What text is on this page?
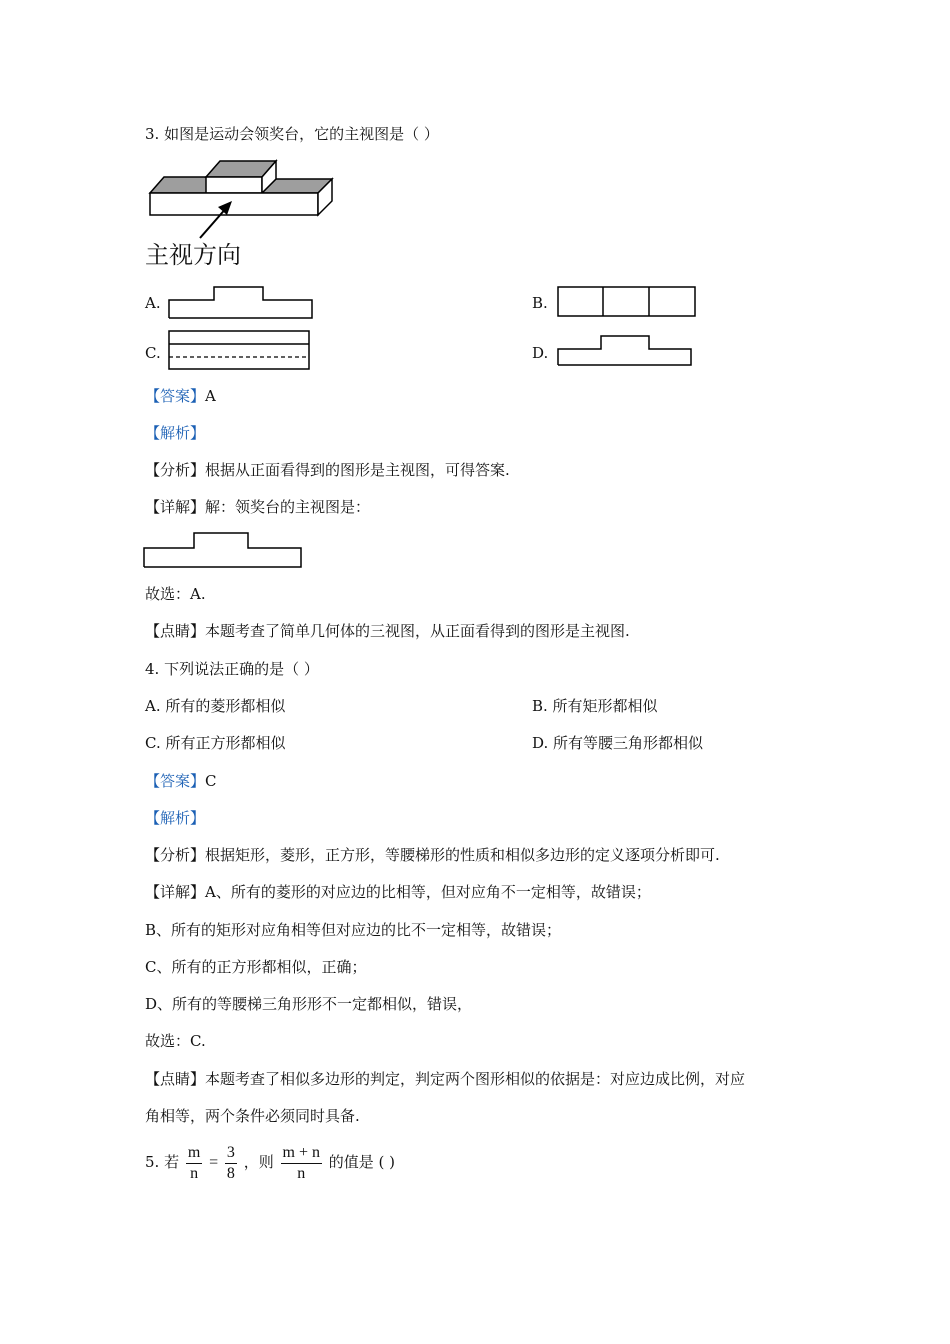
3. 如图是运动会领奖台，它的主视图是（ ）
主视方向
A.	B.
C.	D.
【答案】A
【解析】
【分析】根据从正面看得到的图形是主视图，可得答案.
【详解】解：领奖台的主视图是：
故选：A.
【点睛】本题考查了简单几何体的三视图，从正面看得到的图形是主视图.
4. 下列说法正确的是（ ）
A. 所有的菱形都相似	B. 所有矩形都相似
C. 所有正方形都相似	D. 所有等腰三角形都相似
【答案】C
【解析】
【分析】根据矩形，菱形，正方形，等腰梯形的性质和相似多边形的定义逐项分析即可.
【详解】A、所有的菱形的对应边的比相等，但对应角不一定相等，故错误；
B、所有的矩形对应角相等但对应边的比不一定相等，故错误；
C、所有的正方形都相似，正确；
D、所有的等腰梯三角形形不一定都相似，错误，
故选：C.
【点睛】本题考查了相似多边形的判定，判定两个图形相似的依据是：对应边成比例，对应
角相等，两个条件必须同时具备.
5. 若 $\frac{m}{n} = \frac{3}{8}$ ，则 $\frac{m + n}{n}$ 的值是 ( )
